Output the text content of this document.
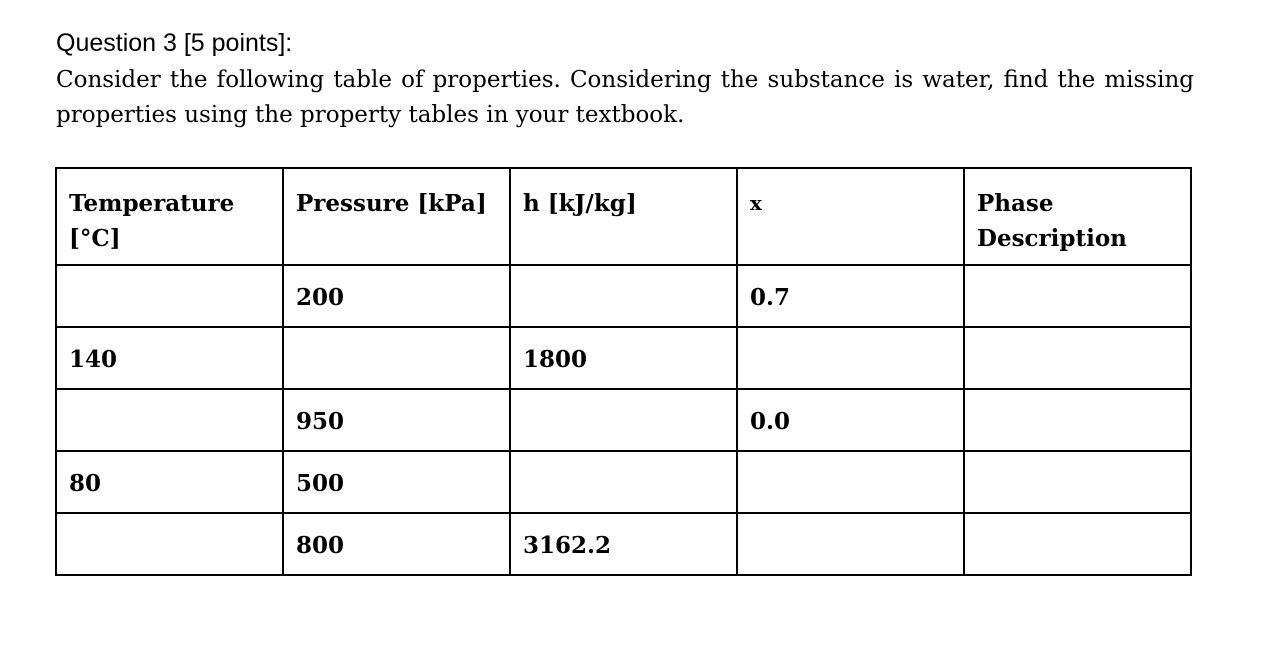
Question 3 [5 points]:

Consider the following table of properties. Considering the substance is water, find the missing properties using the property tables in your textbook.

Temperature [°C]	Pressure [kPa]	h [kJ/kg]	x	Phase Description
	200		0.7	
140		1800		
	950		0.0	
80	500			
	800	3162.2		
